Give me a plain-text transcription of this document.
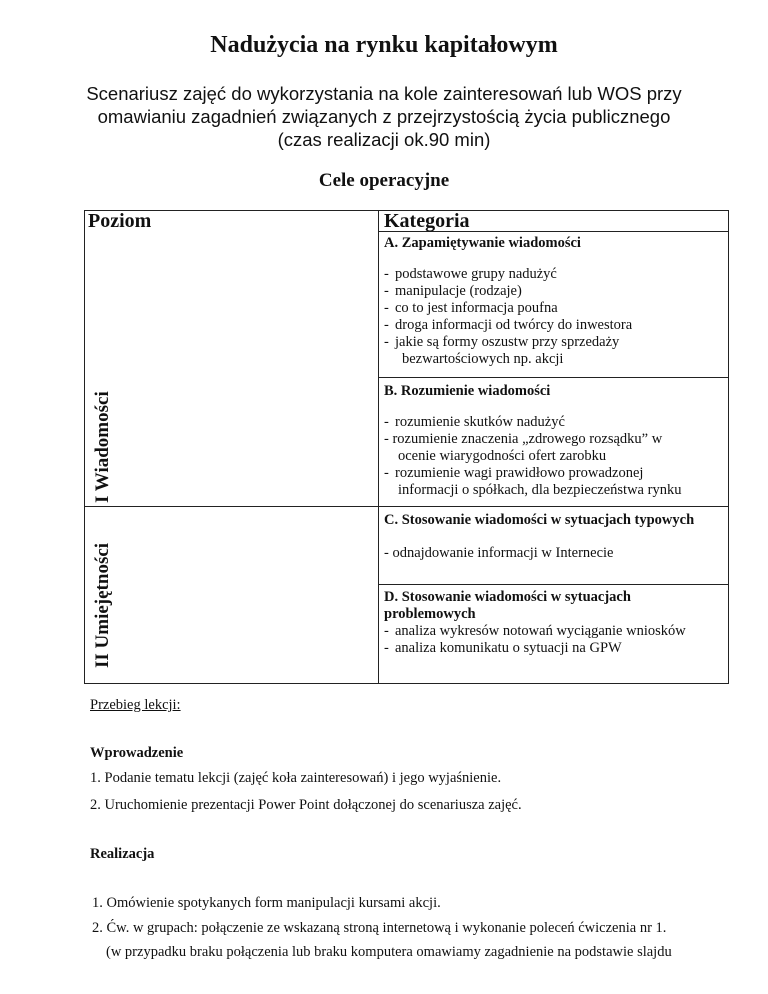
Nadużycia na rynku kapitałowym
Scenariusz zajęć do wykorzystania na kole zainteresowań lub WOS przy
omawianiu zagadnień związanych z przejrzystością życia publicznego
(czas realizacji ok.90 min)
Cele operacyjne
Poziom	Kategoria
I Wiadomości
II Umiejętności
A. Zapamiętywanie wiadomości
- podstawowe grupy nadużyć
- manipulacje (rodzaje)
- co to jest informacja poufna
- droga informacji od twórcy do inwestora
- jakie są formy oszustw przy sprzedaży
bezwartościowych np. akcji
B. Rozumienie wiadomości
- rozumienie skutków nadużyć
- rozumienie znaczenia „zdrowego rozsądku” w
ocenie wiarygodności ofert zarobku
- rozumienie wagi prawidłowo prowadzonej
informacji o spółkach, dla bezpieczeństwa rynku
C. Stosowanie wiadomości w sytuacjach typowych
- odnajdowanie informacji w Internecie
D. Stosowanie wiadomości w sytuacjach
problemowych
- analiza wykresów notowań wyciąganie wniosków
- analiza komunikatu o sytuacji na GPW
Przebieg lekcji:
Wprowadzenie
1. Podanie tematu lekcji (zajęć koła zainteresowań) i jego wyjaśnienie.
2. Uruchomienie prezentacji Power Point dołączonej do scenariusza zajęć.
Realizacja
1. Omówienie spotykanych form manipulacji kursami akcji.
2. Ćw. w grupach: połączenie ze wskazaną stroną internetową i wykonanie poleceń ćwiczenia nr 1.
(w przypadku braku połączenia lub braku komputera omawiamy zagadnienie na podstawie slajdu
